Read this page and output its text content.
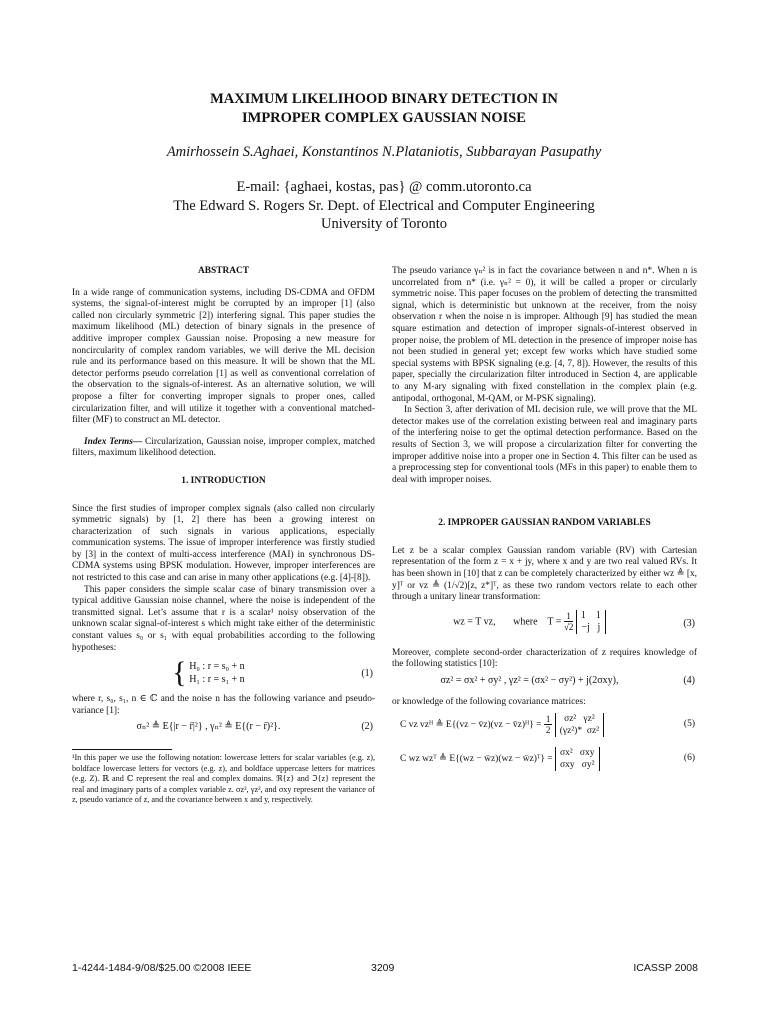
MAXIMUM LIKELIHOOD BINARY DETECTION IN
IMPROPER COMPLEX GAUSSIAN NOISE
Amirhossein S.Aghaei, Konstantinos N.Plataniotis, Subbarayan Pasupathy
E-mail: {aghaei, kostas, pas} @ comm.utoronto.ca
The Edward S. Rogers Sr. Dept. of Electrical and Computer Engineering
University of Toronto

ABSTRACT

In a wide range of communication systems, including DS-CDMA and OFDM systems, the signal-of-interest might be corrupted by an improper [1] (also called non circularly symmetric [2]) interfering signal. This paper studies the maximum likelihood (ML) detection of binary signals in the presence of additive improper complex Gaussian noise. Proposing a new measure for noncircularity of complex random variables, we will derive the ML decision rule and its performance based on this measure. It will be shown that the ML detector performs pseudo correlation [1] as well as conventional correlation of the observation to the signals-of-interest. As an alternative solution, we will propose a filter for converting improper signals to proper ones, called circularization filter, and will utilize it together with a conventional matched-filter (MF) to construct an ML detector.

Index Terms— Circularization, Gaussian noise, improper complex, matched filters, maximum likelihood detection.

1. INTRODUCTION

Since the first studies of improper complex signals (also called non circularly symmetric signals) by [1, 2] there has been a growing interest on characterization of such signals in various applications, especially communication systems. The issue of improper interference was firstly studied by [3] in the context of multi-access interference (MAI) in synchronous DS-CDMA systems using BPSK modulation. However, improper interferences are not restricted to this case and can arise in many other applications (e.g. [4]-[8]).

This paper considers the simple scalar case of binary transmission over a typical additive Gaussian noise channel, where the noise is independent of the transmitted signal. Let’s assume that r is a scalar¹ noisy observation of the unknown scalar signal-of-interest s which might take either of the deterministic constant values s₀ or s₁ with equal probabilities according to the following hypotheses:

{ H₀ : r = s₀ + n
H₁ : r = s₁ + n
(1)

where r, s₀, s₁, n ∈ ℂ and the noise n has the following variance and pseudo-variance [1]:

σₙ² ≜ E{|r − r̄|²} , γₙ² ≜ E{(r − r̄)²}.	(2)

¹In this paper we use the following notation: lowercase letters for scalar variables (e.g. z), boldface lowercase letters for vectors (e.g. z), and boldface uppercase letters for matrices (e.g. Z). ℝ and ℂ represent the real and complex domains. ℜ{z} and ℑ{z} represent the real and imaginary parts of a complex variable z. σz², γz², and σxy represent the variance of z, pseudo variance of z, and the covariance between x and y, respectively.

The pseudo variance γₙ² is in fact the covariance between n and n*. When n is uncorrelated from n* (i.e. γₙ² = 0), it will be called a proper or circularly symmetric noise. This paper focuses on the problem of detecting the transmitted signal, which is deterministic but unknown at the receiver, from the noisy observation r when the noise n is improper. Although [9] has studied the mean square estimation and detection of improper signals-of-interest observed in proper noise, the problem of ML detection in the presence of improper noise has not been studied in general yet; except few works which have studied some special systems with BPSK signaling (e.g. [4, 7, 8]). However, the results of this paper, specially the circularization filter introduced in Section 4, are applicable to any M-ary signaling with fixed constellation in the complex plain (e.g. antipodal, orthogonal, M-QAM, or M-PSK signaling).

In Section 3, after derivation of ML decision rule, we will prove that the ML detector makes use of the correlation existing between real and imaginary parts of the interfering noise to get the optimal detection performance. Based on the results of Section 3, we will propose a circularization filter for converting the improper additive noise into a proper one in Section 4. This filter can be used as a preprocessing step for conventional tools (MFs in this paper) to enable them to deal with improper noises.

2. IMPROPER GAUSSIAN RANDOM VARIABLES

Let z be a scalar complex Gaussian random variable (RV) with Cartesian representation of the form z = x + jy, where x and y are two real valued RVs. It has been shown in [10] that z can be completely characterized by either wz ≜ [x, y]ᵀ or vz ≜ (1/√2)[z, z*]ᵀ, as these two random vectors relate to each other through a unitary linear transformation:

wz = T vz, where $T = \frac{1}{√2} 1$ 1
−j j	(3)

Moreover, complete second-order characterization of z requires knowledge of the following statistics [10]:

σz² = σx² + σy² , γz² = (σx² − σy²) + j(2σxy),	(4)

or knowledge of the following covariance matrices:

C vz vzᴴ ≜ E{(vz − v̄z)(vz − v̄z)ᴴ} = $\frac{1}{2} \sigma z^2$ γz²
(γz²)* σz²
(5)
C wz wzᵀ ≜ E{(wz − w̄z)(wz − w̄z)ᵀ} = σx² σxy
σxy σy²
(6)
1-4244-1484-9/08/$25.00 ©2008 IEEE	3209	ICASSP 2008
